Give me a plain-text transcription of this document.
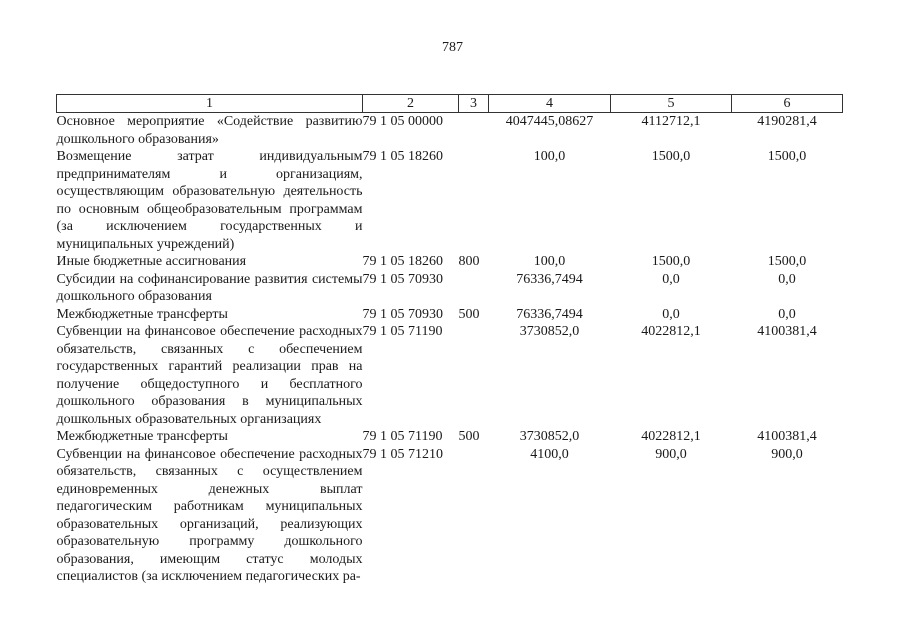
787
1	2	3	4	5	6
Основное мероприятие «Содействие развитию дошкольного образования»	79 1 05 00000		4047445,08627	4112712,1	4190281,4
Возмещение затрат индивидуальным предпринимателям и организациям, осуществляющим образовательную деятельность по основным общеобразовательным программам (за исключением государственных и муниципальных учреждений)	79 1 05 18260		100,0	1500,0	1500,0
Иные бюджетные ассигнования	79 1 05 18260	800	100,0	1500,0	1500,0
Субсидии на софинансирование развития системы дошкольного образования	79 1 05 70930		76336,7494	0,0	0,0
Межбюджетные трансферты	79 1 05 70930	500	76336,7494	0,0	0,0
Субвенции на финансовое обеспечение расходных обязательств, связанных с обеспечением государственных гарантий реализации прав на получение общедоступного и бесплатного дошкольного образования в муниципальных дошкольных образовательных организациях	79 1 05 71190		3730852,0	4022812,1	4100381,4
Межбюджетные трансферты	79 1 05 71190	500	3730852,0	4022812,1	4100381,4
Субвенции на финансовое обеспечение расходных обязательств, связанных с осуществлением единовременных денежных выплат педагогическим работникам муниципальных образовательных организаций, реализующих образовательную программу дошкольного образования, имеющим статус молодых специалистов (за исключением педагогических ра-	79 1 05 71210		4100,0	900,0	900,0
